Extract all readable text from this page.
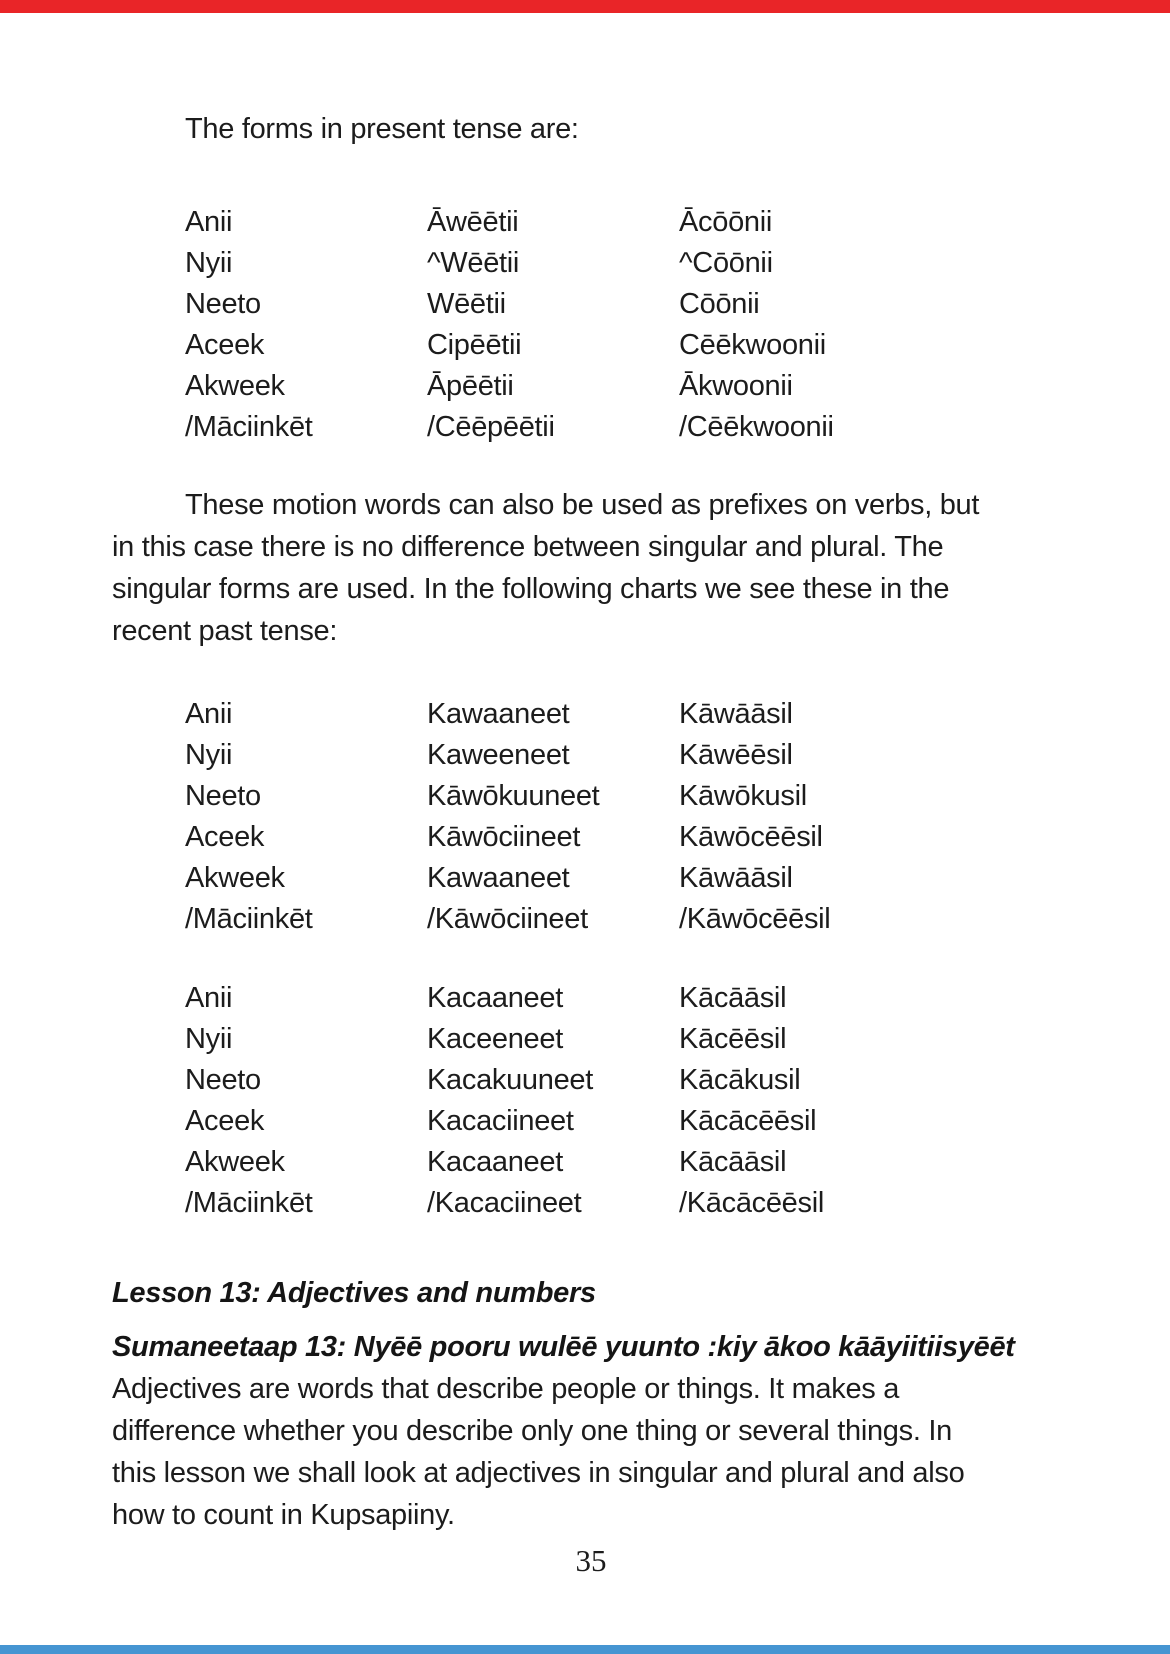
The forms in present tense are:
Anii	Āwēētii	Ācōōnii
Nyii	^Wēētii	^Cōōnii
Neeto	Wēētii	Cōōnii
Aceek	Cipēētii	Cēēkwoonii
Akweek	Āpēētii	Ākwoonii
/Māciinkēt	/Cēēpēētii	/Cēēkwoonii
These motion words can also be used as prefixes on verbs, but
in this case there is no difference between singular and plural. The
singular forms are used. In the following charts we see these in the
recent past tense:
Anii	Kawaaneet	Kāwāāsil
Nyii	Kaweeneet	Kāwēēsil
Neeto	Kāwōkuuneet	Kāwōkusil
Aceek	Kāwōciineet	Kāwōcēēsil
Akweek	Kawaaneet	Kāwāāsil
/Māciinkēt	/Kāwōciineet	/Kāwōcēēsil
Anii	Kacaaneet	Kācāāsil
Nyii	Kaceeneet	Kācēēsil
Neeto	Kacakuuneet	Kācākusil
Aceek	Kacaciineet	Kācācēēsil
Akweek	Kacaaneet	Kācāāsil
/Māciinkēt	/Kacaciineet	/Kācācēēsil
Lesson 13: Adjectives and numbers
Sumaneetaap 13: Nyēē pooru wulēē yuunto :kiy ākoo kāāyiitiisyēēt
Adjectives are words that describe people or things. It makes a
difference whether you describe only one thing or several things. In
this lesson we shall look at adjectives in singular and plural and also
how to count in Kupsapiiny.
35
